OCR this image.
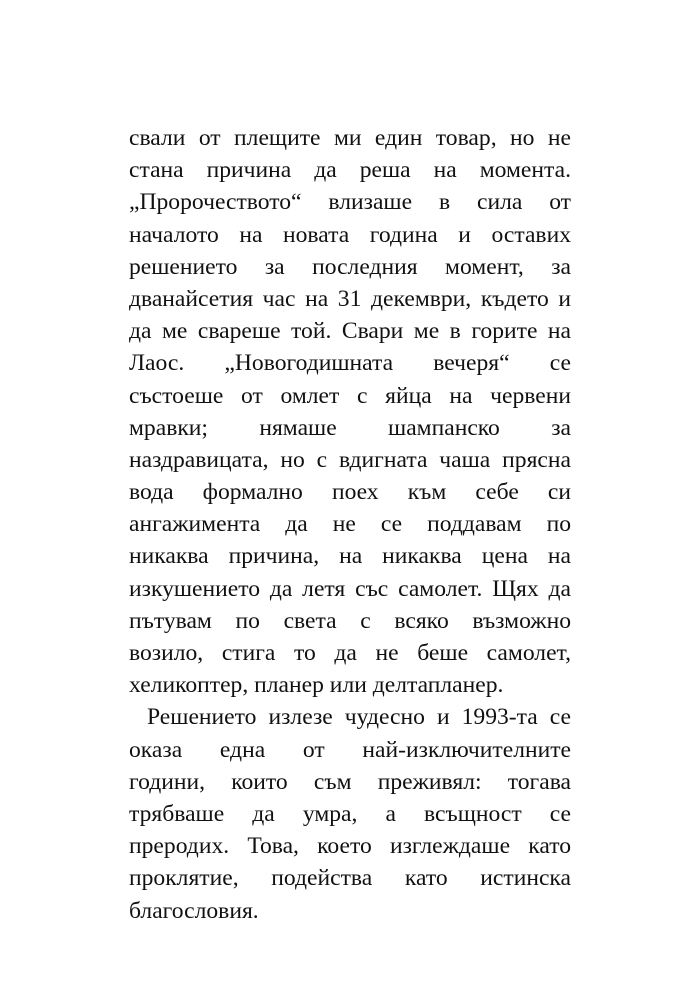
свали от плещите ми един товар, но не
стана причина да реша на момента.
„Пророчеството“ влизаше в сила от
началото на новата година и оставих
решението за последния момент, за
дванайсетия час на 31 декември, където и
да ме свареше той. Свари ме в горите на
Лаос. „Новогодишната вечеря“ се
състоеше от омлет с яйца на червени
мравки; нямаше шампанско за
наздравицата, но с вдигната чаша прясна
вода формално поех към себе си
ангажимента да не се поддавам по
никаква причина, на никаква цена на
изкушението да летя със самолет. Щях да
пътувам по света с всяко възможно
возило, стига то да не беше самолет,
хеликоптер, планер или делтапланер.
Решението излезе чудесно и 1993-та се
оказа една от най-изключителните
години, които съм преживял: тогава
трябваше да умра, а всъщност се
преродих. Това, което изглеждаше като
проклятие, подейства като истинска
благословия.
